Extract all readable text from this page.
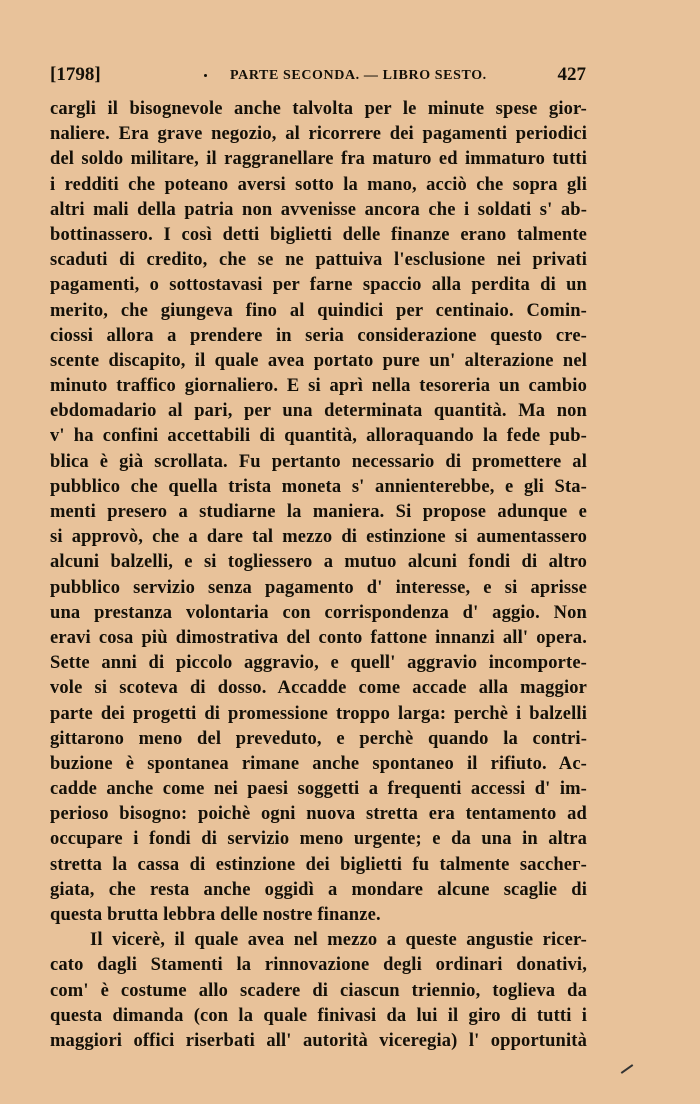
[1798]	PARTE SECONDA. — LIBRO SESTO.	427
cargli il bisognevole anche talvolta per le minute spese gior-
naliere. Era grave negozio, al ricorrere dei pagamenti periodici
del soldo militare, il raggranellare fra maturo ed immaturo tutti
i redditi che poteano aversi sotto la mano, acciò che sopra gli
altri mali della patria non avvenisse ancora che i soldati s' ab-
bottinassero. I così detti biglietti delle finanze erano talmente
scaduti di credito, che se ne pattuiva l'esclusione nei privati
pagamenti, o sottostavasi per farne spaccio alla perdita di un
merito, che giungeva fino al quindici per centinaio. Comin-
ciossi allora a prendere in seria considerazione questo cre-
scente discapito, il quale avea portato pure un' alterazione nel
minuto traffico giornaliero. E si aprì nella tesoreria un cambio
ebdomadario al pari, per una determinata quantità. Ma non
v' ha confini accettabili di quantità, alloraquando la fede pub-
blica è già scrollata. Fu pertanto necessario di promettere al
pubblico che quella trista moneta s' annienterebbe, e gli Sta-
menti presero a studiarne la maniera. Si propose adunque e
si approvò, che a dare tal mezzo di estinzione si aumentassero
alcuni balzelli, e si togliessero a mutuo alcuni fondi di altro
pubblico servizio senza pagamento d' interesse, e si aprisse
una prestanza volontaria con corrispondenza d' aggio. Non
eravi cosa più dimostrativa del conto fattone innanzi all' opera.
Sette anni di piccolo aggravio, e quell' aggravio incomporte-
vole si scoteva di dosso. Accadde come accade alla maggior
parte dei progetti di promessione troppo larga: perchè i balzelli
gittarono meno del preveduto, e perchè quando la contri-
buzione è spontanea rimane anche spontaneo il rifiuto. Ac-
cadde anche come nei paesi soggetti a frequenti accessi d' im-
perioso bisogno: poichè ogni nuova stretta era tentamento ad
occupare i fondi di servizio meno urgente; e da una in altra
stretta la cassa di estinzione dei biglietti fu talmente sacchег-
giata, che resta anche oggidì a mondare alcune scaglie di
questa brutta lebbra delle nostre finanze.
Il vicerè, il quale avea nel mezzo a queste angustie ricer-
cato dagli Stamenti la rinnovazione degli ordinari donativi,
com' è costume allo scadere di ciascun triennio, toglieva da
questa dimanda (con la quale finivasi da lui il giro di tutti i
maggiori offici riserbati all' autorità viceregia) l' opportunità
